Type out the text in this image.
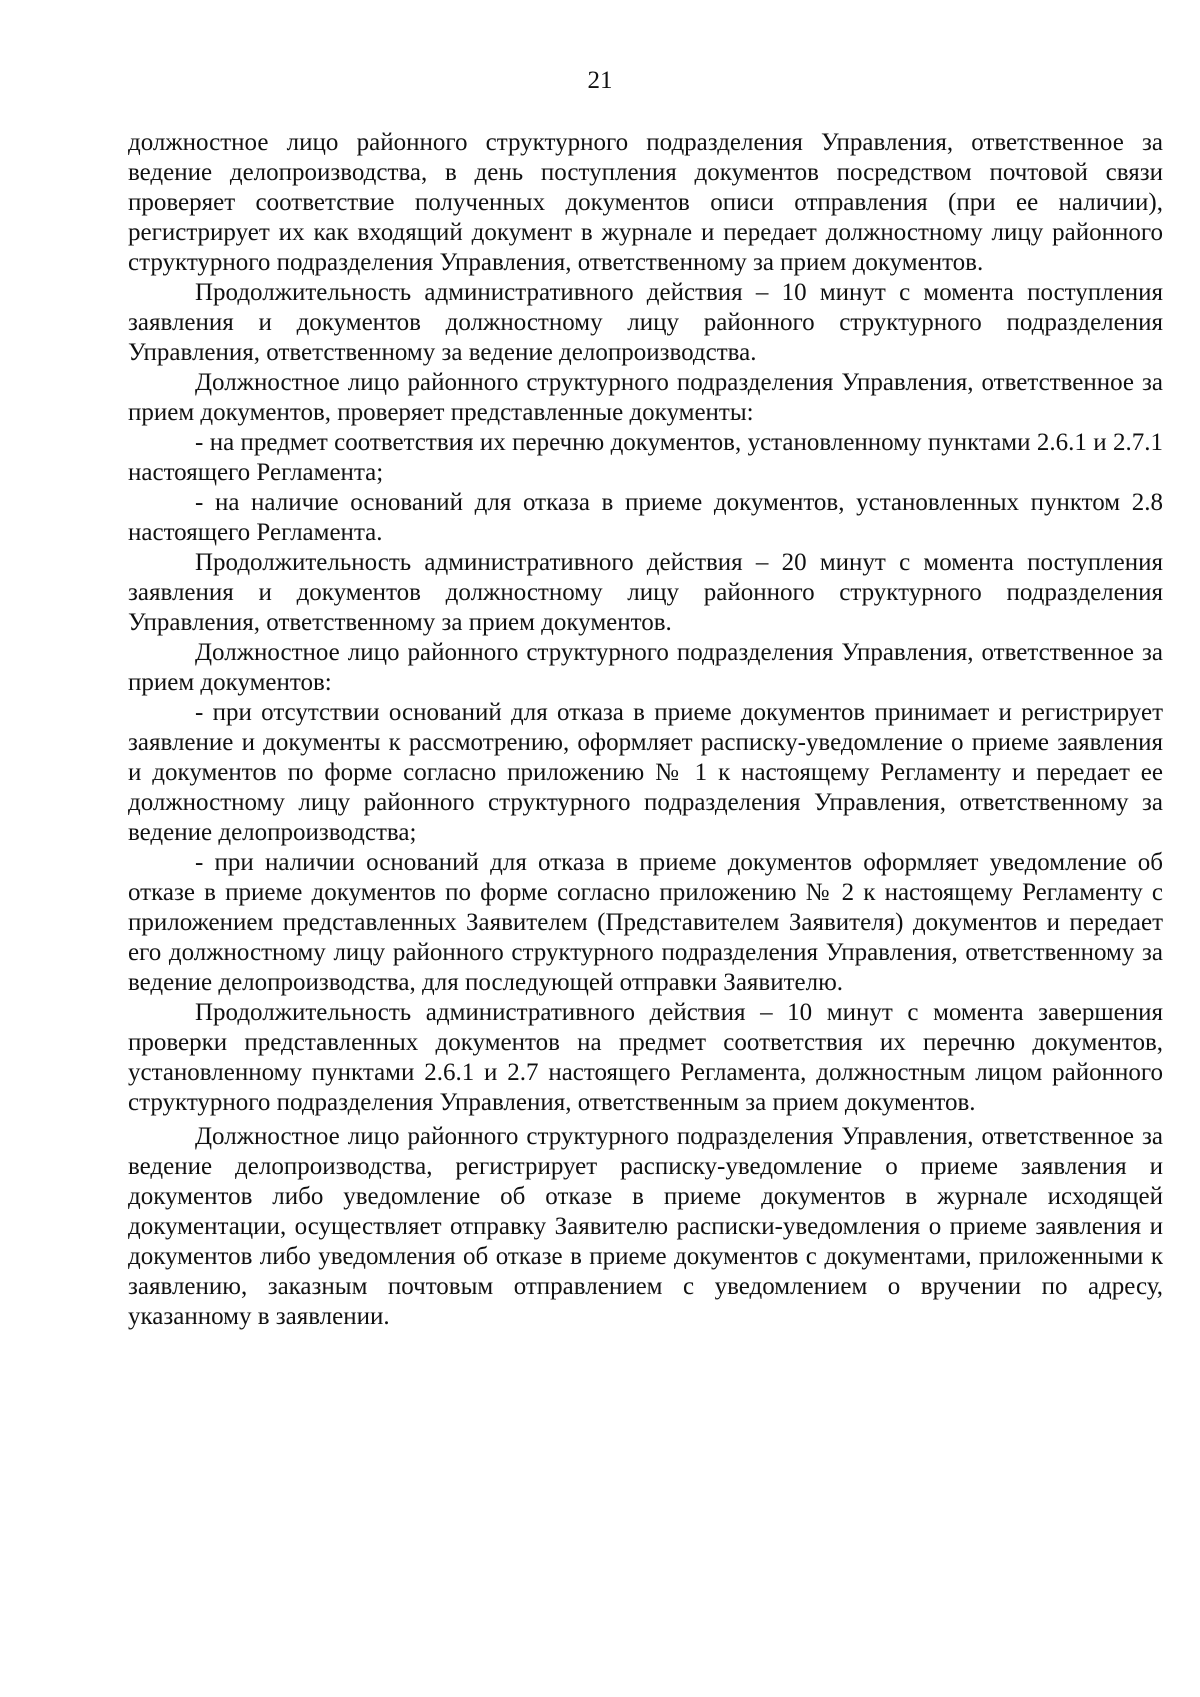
21

должностное лицо районного структурного подразделения Управления, ответственное за ведение делопроизводства, в день поступления документов посредством почтовой связи проверяет соответствие полученных документов описи отправления (при ее наличии), регистрирует их как входящий документ в журнале и передает должностному лицу районного структурного подразделения Управления, ответственному за прием документов.

Продолжительность административного действия – 10 минут с момента поступления заявления и документов должностному лицу районного структурного подразделения Управления, ответственному за ведение делопроизводства.

Должностное лицо районного структурного подразделения Управления, ответственное за прием документов, проверяет представленные документы:

- на предмет соответствия их перечню документов, установленному пунктами 2.6.1 и 2.7.1 настоящего Регламента;

- на наличие оснований для отказа в приеме документов, установленных пунктом 2.8 настоящего Регламента.

Продолжительность административного действия – 20 минут с момента поступления заявления и документов должностному лицу районного структурного подразделения Управления, ответственному за прием документов.

Должностное лицо районного структурного подразделения Управления, ответственное за прием документов:

- при отсутствии оснований для отказа в приеме документов принимает и регистрирует заявление и документы к рассмотрению, оформляет расписку-уведомление о приеме заявления и документов по форме согласно приложению № 1 к настоящему Регламенту и передает ее должностному лицу районного структурного подразделения Управления, ответственному за ведение делопроизводства;

- при наличии оснований для отказа в приеме документов оформляет уведомление об отказе в приеме документов по форме согласно приложению № 2 к настоящему Регламенту с приложением представленных Заявителем (Представителем Заявителя) документов и передает его должностному лицу районного структурного подразделения Управления, ответственному за ведение делопроизводства, для последующей отправки Заявителю.

Продолжительность административного действия – 10 минут с момента завершения проверки представленных документов на предмет соответствия их перечню документов, установленному пунктами 2.6.1 и 2.7 настоящего Регламента, должностным лицом районного структурного подразделения Управления, ответственным за прием документов.

Должностное лицо районного структурного подразделения Управления, ответственное за ведение делопроизводства, регистрирует расписку-уведомление о приеме заявления и документов либо уведомление об отказе в приеме документов в журнале исходящей документации, осуществляет отправку Заявителю расписки-уведомления о приеме заявления и документов либо уведомления об отказе в приеме документов с документами, приложенными к заявлению, заказным почтовым отправлением с уведомлением о вручении по адресу, указанному в заявлении.
